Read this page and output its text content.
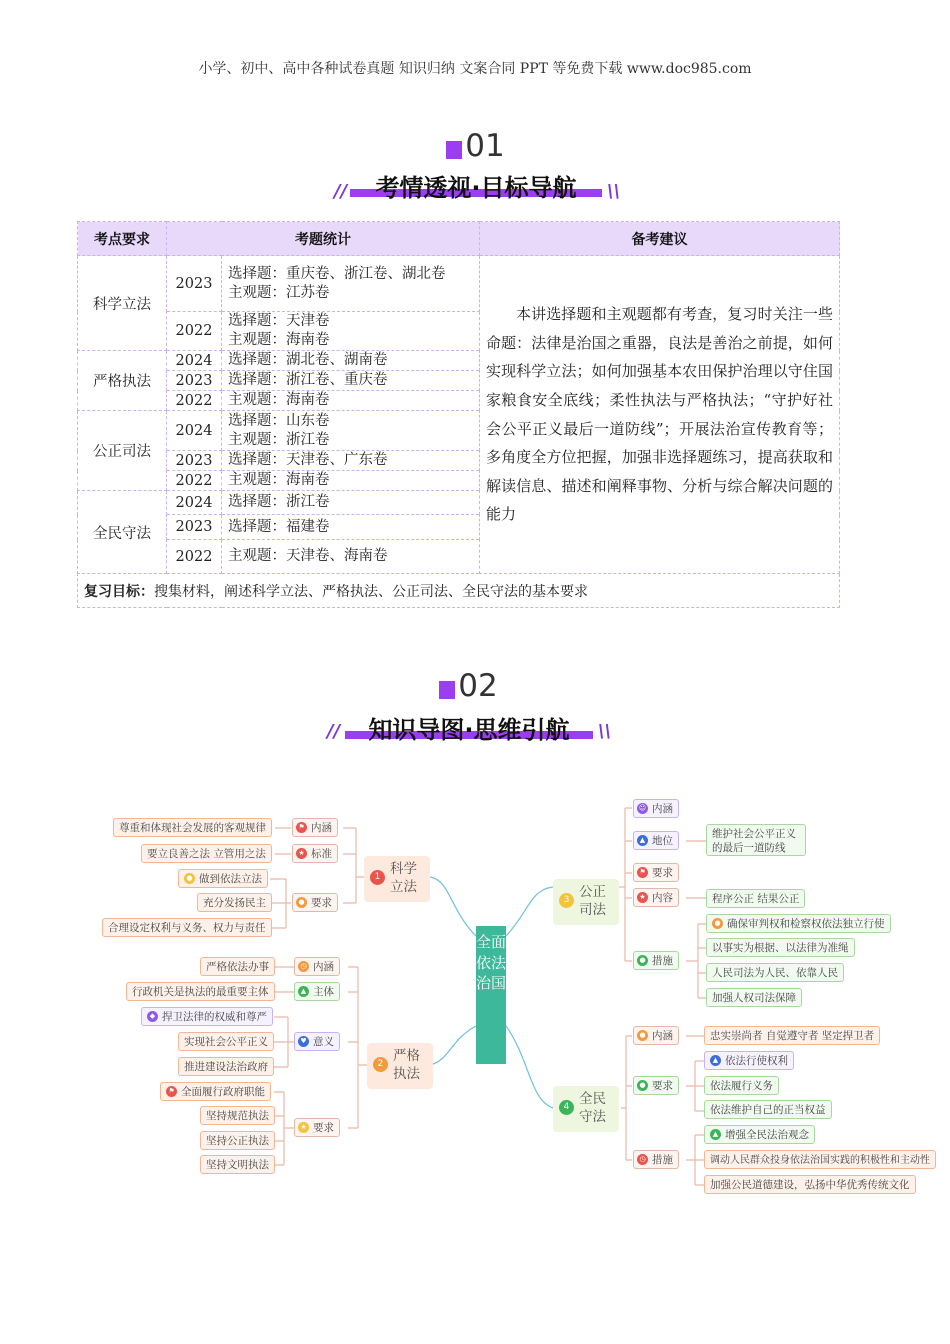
小学、初中、高中各种试卷真题 知识归纳 文案合同 PPT 等免费下载 www.doc985.com
01
//	考情透视·目标导航	\\
考点要求	考题统计		备考建议
科学立法	2023	选择题：重庆卷、浙江卷、湖北卷
主观题：江苏卷	本讲选择题和主观题都有考查，复习时关注一些命题：法律是治国之重器，良法是善治之前提，如何实现科学立法；如何加强基本农田保护治理以守住国家粮食安全底线；柔性执法与严格执法；“守护好社会公平正义最后一道防线”；开展法治宣传教育等；多角度全方位把握，加强非选择题练习，提高获取和解读信息、描述和阐释事物、分析与综合解决问题的能力
	2022	选择题：天津卷
主观题：海南卷	

严格执法	2024	选择题：湖北卷、湖南卷	
	2023	选择题：浙江卷、重庆卷	
	2022	主观题：海南卷	
公正司法	2024	选择题：山东卷
主观题：浙江卷	

	2023	选择题：天津卷、广东卷	
	2022	主观题：海南卷	
全民守法	2024	选择题：浙江卷	
	2023	选择题：福建卷	
	2022	主观题：天津卷、海南卷	

复习目标：搜集材料，阐述科学立法、严格执法、公正司法、全民守法的基本要求			
02
//	知识导图·思维引航	\\
全面依法治国
1 科学立法
⚑ 内涵
★ 标准
● 要求
尊重和体现社会发展的客观规律
要立良善之法 立管用之法
● 做到依法立法
充分发扬民主
合理设定权利与义务、权力与责任
2 严格执法
◷ 内涵
▲ 主体
♥ 意义
★ 要求
严格依法办事
行政机关是执法的最重要主体
◆ 捍卫法律的权威和尊严
实现社会公平正义
推进建设法治政府
⚑ 全面履行政府职能
坚持规范执法
坚持公正执法
坚持文明执法
3 公正司法
☺ 内涵
▲ 地位
⚑ 要求
★ 内容
● 措施
维护社会公平正义的最后一道防线
程序公正 结果公正
● 确保审判权和检察权依法独立行使
以事实为根据、以法律为准绳
人民司法为人民、依靠人民
加强人权司法保障
4 全民守法
● 内涵
● 要求
◷ 措施
忠实崇尚者 自觉遵守者 坚定捍卫者
▲ 依法行使权利
依法履行义务
依法维护自己的正当权益
▲ 增强全民法治观念
调动人民群众投身依法治国实践的积极性和主动性
加强公民道德建设，弘扬中华优秀传统文化
